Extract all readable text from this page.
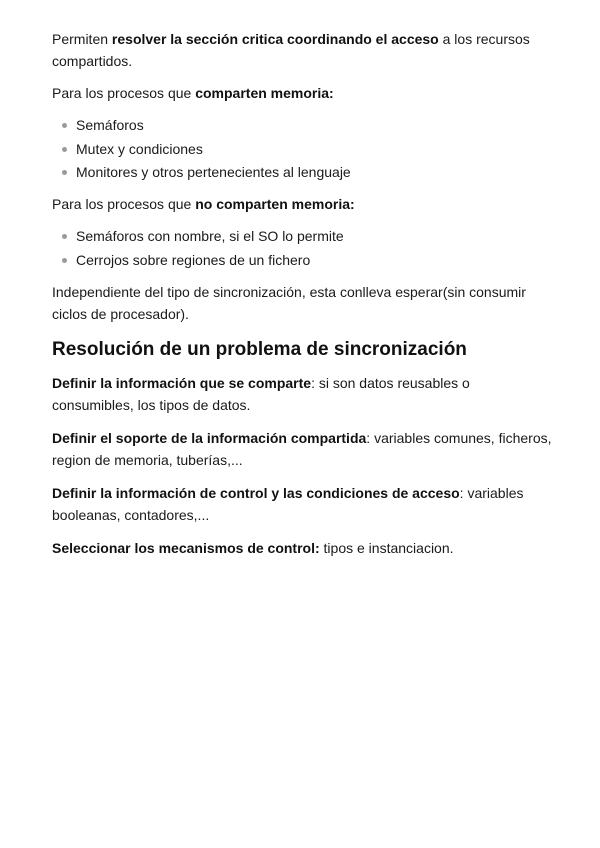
Permiten resolver la sección critica coordinando el acceso a los recursos compartidos.

Para los procesos que comparten memoria:

Semáforos
Mutex y condiciones
Monitores y otros pertenecientes al lenguaje

Para los procesos que no comparten memoria:

Semáforos con nombre, si el SO lo permite
Cerrojos sobre regiones de un fichero

Independiente del tipo de sincronización, esta conlleva esperar(sin consumir ciclos de procesador).

Resolución de un problema de sincronización

Definir la información que se comparte: si son datos reusables o consumibles, los tipos de datos.

Definir el soporte de la información compartida: variables comunes, ficheros, region de memoria, tuberías,...

Definir la información de control y las condiciones de acceso: variables booleanas, contadores,...

Seleccionar los mecanismos de control: tipos e instanciacion.
